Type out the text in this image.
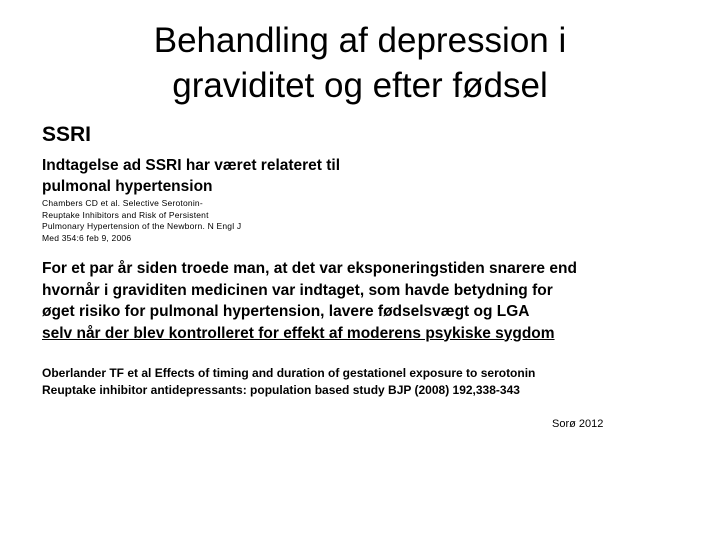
Behandling af depression i
graviditet og efter fødsel
SSRI
Indtagelse ad SSRI har været relateret til
pulmonal hypertension
Chambers CD et al. Selective Serotonin-
Reuptake Inhibitors and Risk of Persistent
Pulmonary Hypertension of the Newborn. N Engl J
Med 354:6 feb 9, 2006
For et par år siden troede man, at det var eksponeringstiden snarere end
hvornår i graviditen medicinen var indtaget, som havde betydning for
øget risiko for pulmonal hypertension, lavere fødselsvægt og LGA
selv når der blev kontrolleret for effekt af moderens psykiske sygdom
Oberlander TF et al Effects of timing and duration of gestationel exposure to serotonin
Reuptake inhibitor antidepressants: population based study BJP (2008) 192,338-343
Sorø 2012
